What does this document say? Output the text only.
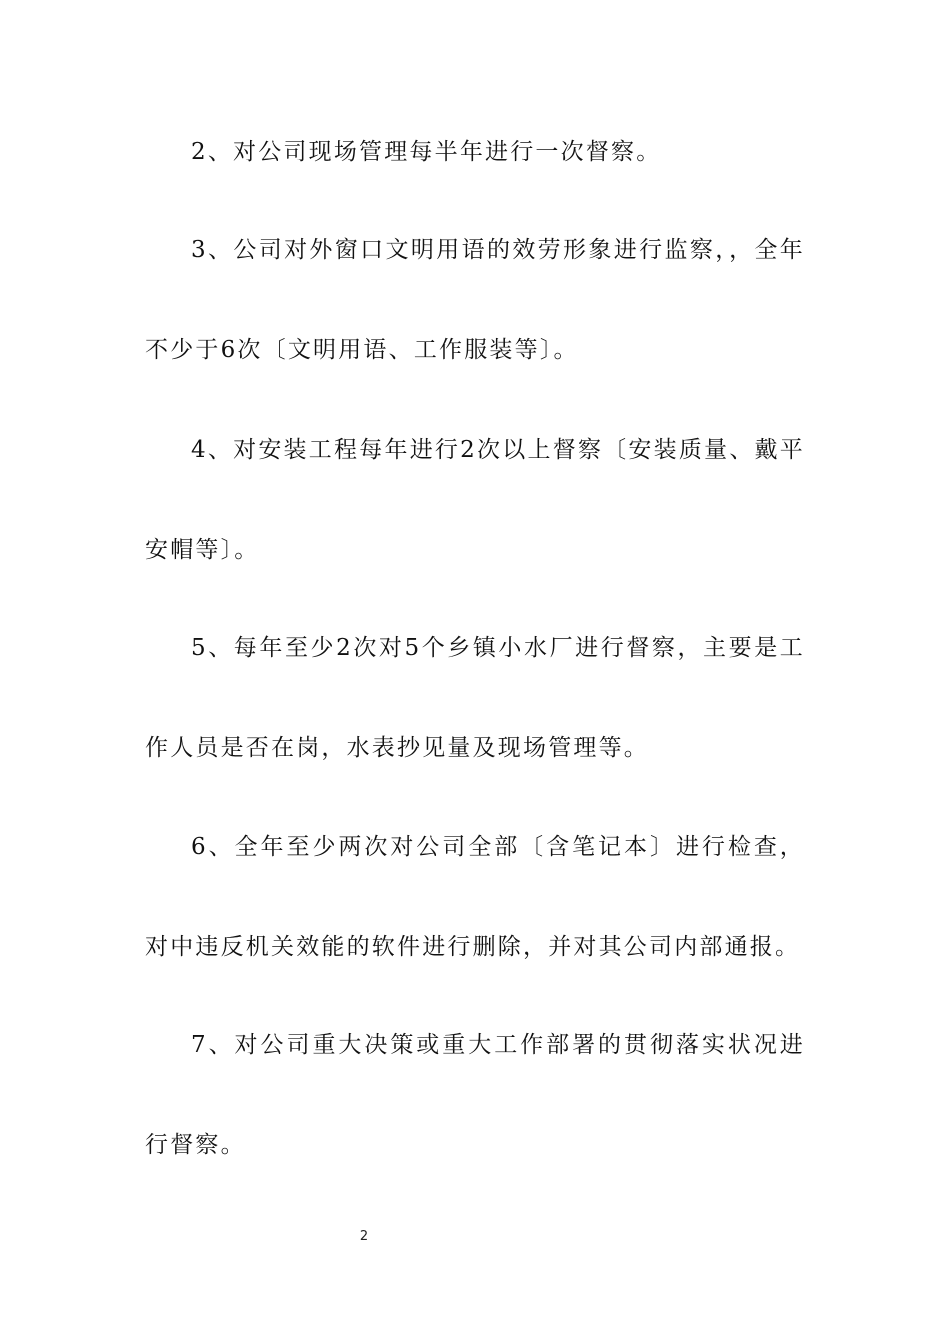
2、对公司现场管理每半年进行一次督察。

3、公司对外窗口文明用语的效劳形象进行监察，，全年不少于6次〔文明用语、工作服装等〕。

4、对安装工程每年进行2次以上督察〔安装质量、戴平安帽等〕。

5、每年至少2次对5个乡镇小水厂进行督察，主要是工作人员是否在岗，水表抄见量及现场管理等。

6、全年至少两次对公司全部〔含笔记本〕进行检查，对中违反机关效能的软件进行删除，并对其公司内部通报。

7、对公司重大决策或重大工作部署的贯彻落实状况进行督察。

2
